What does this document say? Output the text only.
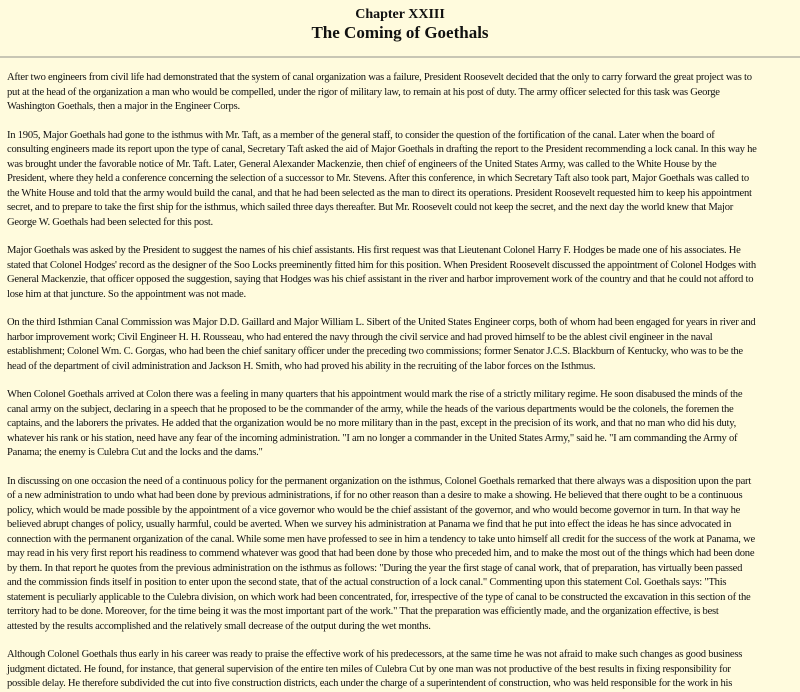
Chapter XXIII
The Coming of Goethals

After two engineers from civil life had demonstrated that the system of canal organization was a failure, President Roosevelt decided that the only to carry forward the great project was to
put at the head of the organization a man who would be compelled, under the rigor of military law, to remain at his post of duty. The army officer selected for this task was George
Washington Goethals, then a major in the Engineer Corps.

In 1905, Major Goethals had gone to the isthmus with Mr. Taft, as a member of the general staff, to consider the question of the fortification of the canal. Later when the board of
consulting engineers made its report upon the type of canal, Secretary Taft asked the aid of Major Goethals in drafting the report to the President recommending a lock canal. In this way he
was brought under the favorable notice of Mr. Taft. Later, General Alexander Mackenzie, then chief of engineers of the United States Army, was called to the White House by the
President, where they held a conference concerning the selection of a successor to Mr. Stevens. After this conference, in which Secretary Taft also took part, Major Goethals was called to
the White House and told that the army would build the canal, and that he had been selected as the man to direct its operations. President Roosevelt requested him to keep his appointment
secret, and to prepare to take the first ship for the isthmus, which sailed three days thereafter. But Mr. Roosevelt could not keep the secret, and the next day the world knew that Major
George W. Goethals had been selected for this post.

Major Goethals was asked by the President to suggest the names of his chief assistants. His first request was that Lieutenant Colonel Harry F. Hodges be made one of his associates. He
stated that Colonel Hodges' record as the designer of the Soo Locks preeminently fitted him for this position. When President Roosevelt discussed the appointment of Colonel Hodges with
General Mackenzie, that officer opposed the suggestion, saying that Hodges was his chief assistant in the river and harbor improvement work of the country and that he could not afford to
lose him at that juncture. So the appointment was not made.

On the third Isthmian Canal Commission was Major D.D. Gaillard and Major William L. Sibert of the United States Engineer corps, both of whom had been engaged for years in river and
harbor improvement work; Civil Engineer H. H. Rousseau, who had entered the navy through the civil service and had proved himself to be the ablest civil engineer in the naval
establishment; Colonel Wm. C. Gorgas, who had been the chief sanitary officer under the preceding two commissions; former Senator J.C.S. Blackburn of Kentucky, who was to be the
head of the department of civil administration and Jackson H. Smith, who had proved his ability in the recruiting of the labor forces on the Isthmus.

When Colonel Goethals arrived at Colon there was a feeling in many quarters that his appointment would mark the rise of a strictly military regime. He soon disabused the minds of the
canal army on the subject, declaring in a speech that he proposed to be the commander of the army, while the heads of the various departments would be the colonels, the foremen the
captains, and the laborers the privates. He added that the organization would be no more military than in the past, except in the precision of its work, and that no man who did his duty,
whatever his rank or his station, need have any fear of the incoming administration. "I am no longer a commander in the United States Army," said he. "I am commanding the Army of
Panama; the enemy is Culebra Cut and the locks and the dams."

In discussing on one occasion the need of a continuous policy for the permanent organization on the isthmus, Colonel Goethals remarked that there always was a disposition upon the part
of a new administration to undo what had been done by previous administrations, if for no other reason than a desire to make a showing. He believed that there ought to be a continuous
policy, which would be made possible by the appointment of a vice governor who would be the chief assistant of the governor, and who would become governor in turn. In that way he
believed abrupt changes of policy, usually harmful, could be averted. When we survey his administration at Panama we find that he put into effect the ideas he has since advocated in
connection with the permanent organization of the canal. While some men have professed to see in him a tendency to take unto himself all credit for the success of the work at Panama, we
may read in his very first report his readiness to commend whatever was good that had been done by those who preceded him, and to make the most out of the things which had been done
by them. In that report he quotes from the previous administration on the isthmus as follows: "During the year the first stage of canal work, that of preparation, has virtually been passed
and the commission finds itself in position to enter upon the second state, that of the actual construction of a lock canal." Commenting upon this statement Col. Goethals says: "This
statement is peculiarly applicable to the Culebra division, on which work had been concentrated, for, irrespective of the type of canal to be constructed the excavation in this section of the
territory had to be done. Moreover, for the time being it was the most important part of the work." That the preparation was efficiently made, and the organization effective, is best
attested by the results accomplished and the relatively small decrease of the output during the wet months.

Although Colonel Goethals thus early in his career was ready to praise the effective work of his predecessors, at the same time he was not afraid to make such changes as good business
judgment dictated. He found, for instance, that general supervision of the entire ten miles of Culebra Cut by one man was not productive of the best results in fixing responsibility for
possible delay. He therefore subdivided the cut into five construction districts, each under the charge of a superintendent of construction, who was held responsible for the work in his
